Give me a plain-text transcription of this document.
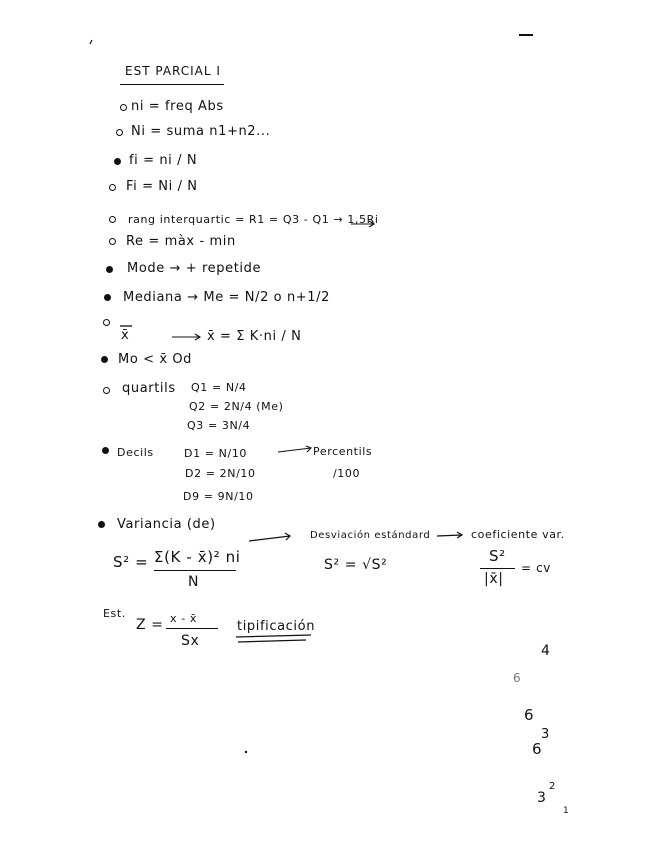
EST PARCIAL I
ni = freq Abs
Ni = suma n1+n2...
fi = ni / N
Fi = Ni / N
rang interquartic = R1 = Q3 - Q1 → 1,5Ri
Re = màx - min
Mode → + repetide
Mediana → Me = N/2 o n+1/2
x̄	x̄ = Σ K·ni / N
Mo < x̄ Od
quartils Q1 = N/4
Q2 = 2N/4 (Me)
Q3 = 3N/4
Decils	D1 = N/10	Percentils
D2 = 2N/10	/100
D9 = 9N/10
Variancia (de)
Desviación estándard	coeficiente var.
S² = Σ(K - x̄)² ni
N
S² = √S²	S²
|x̄|
= cv
Est.
Z = x - x̄
Sx
tipificación
4
6
6
3
6
3
2
1
